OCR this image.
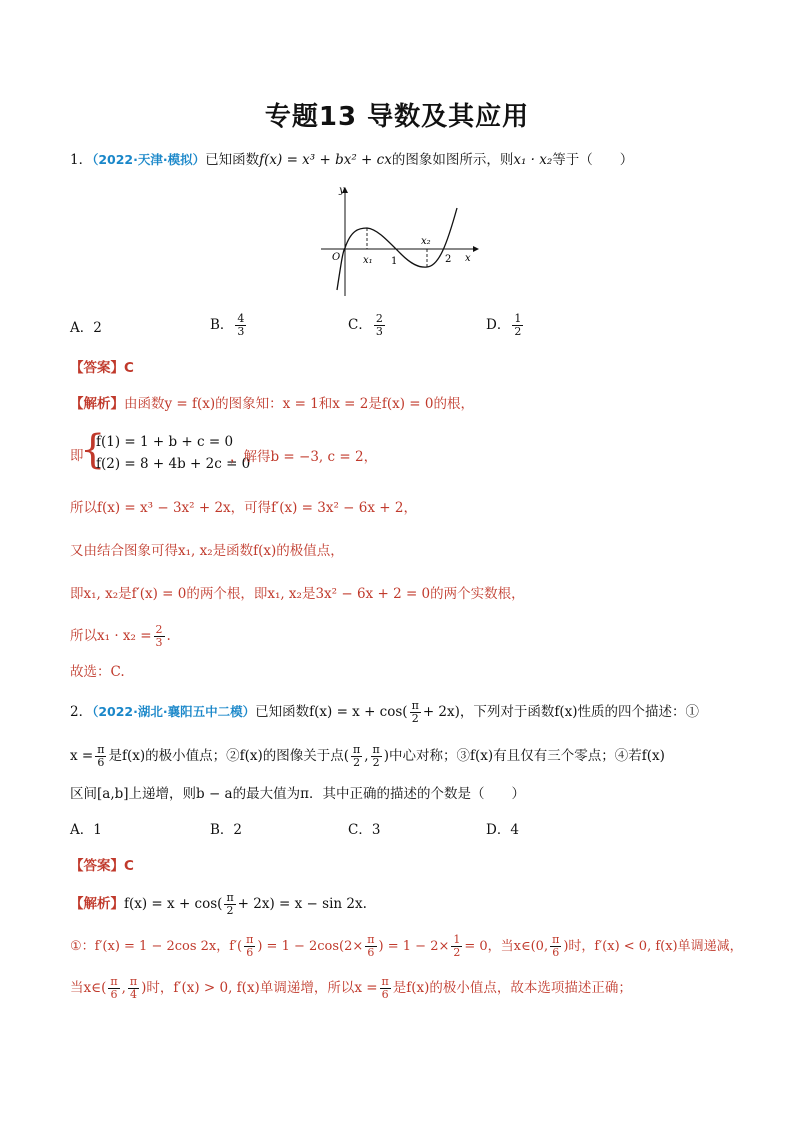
专题13 导数及其应用
1．（2022·天津·模拟）已知函数f(x) = x³ + bx² + cx的图象如图所示，则x₁ · x₂等于（　　）
y
x
O x₁ 1
x₂
2
A．2	B． $\frac{4}{3}$	C． $\frac{2}{3}$	D． $\frac{1}{2}$
【答案】C
【解析】由函数y = f(x)的图象知：x = 1和x = 2是f(x) = 0的根，
即
{
f(1) = 1 + b + c = 0
f(2) = 8 + 4b + 2c = 0
，解得b = −3, c = 2，
所以f(x) = x³ − 3x² + 2x，可得f′(x) = 3x² − 6x + 2，
又由结合图象可得x₁, x₂是函数f(x)的极值点，
即x₁, x₂是f′(x) = 0的两个根，即x₁, x₂是3x² − 6x + 2 = 0的两个实数根，
所以$x_1 \cdot x_2 = \frac{2}{3}$ .
故选：C.
2．（2022·湖北·襄阳五中二模）已知函数$f(x) = x + \cos( \frac{\pi}{2} + 2x)$，下列对于函数f(x)性质的四个描述：①
$x = \frac{\pi}{6}$ 是f(x)的极小值点；②f(x)的图像关于点( $\frac{\pi}{2}$ , $\frac{\pi}{2}$ )中心对称；③f(x)有且仅有三个零点；④若f(x)
区间[a,b]上递增，则b − a的最大值为π．其中正确的描述的个数是（　　）
A．1	B．2	C．3	D．4
【答案】C
【解析】$f(x) = x + \cos( \frac{\pi}{2} + 2x) = x - \sin 2x$.
①：f′(x) = 1 − 2cos 2x，$f'( \frac{\pi}{6}$ ) = $1 - 2\cos(2\times \frac{\pi}{6}$ ) = $1 - 2\times \frac{1}{2} = 0$，当x∈(0, $\frac{\pi}{6}$ )时，f′(x) < 0, f(x)单调递减，
当x∈( $\frac{\pi}{6}$ , $\frac{\pi}{4}$ )时，f′(x) > 0, f(x)单调递增，所以$x = \frac{\pi}{6}$ 是f(x)的极小值点，故本选项描述正确；
